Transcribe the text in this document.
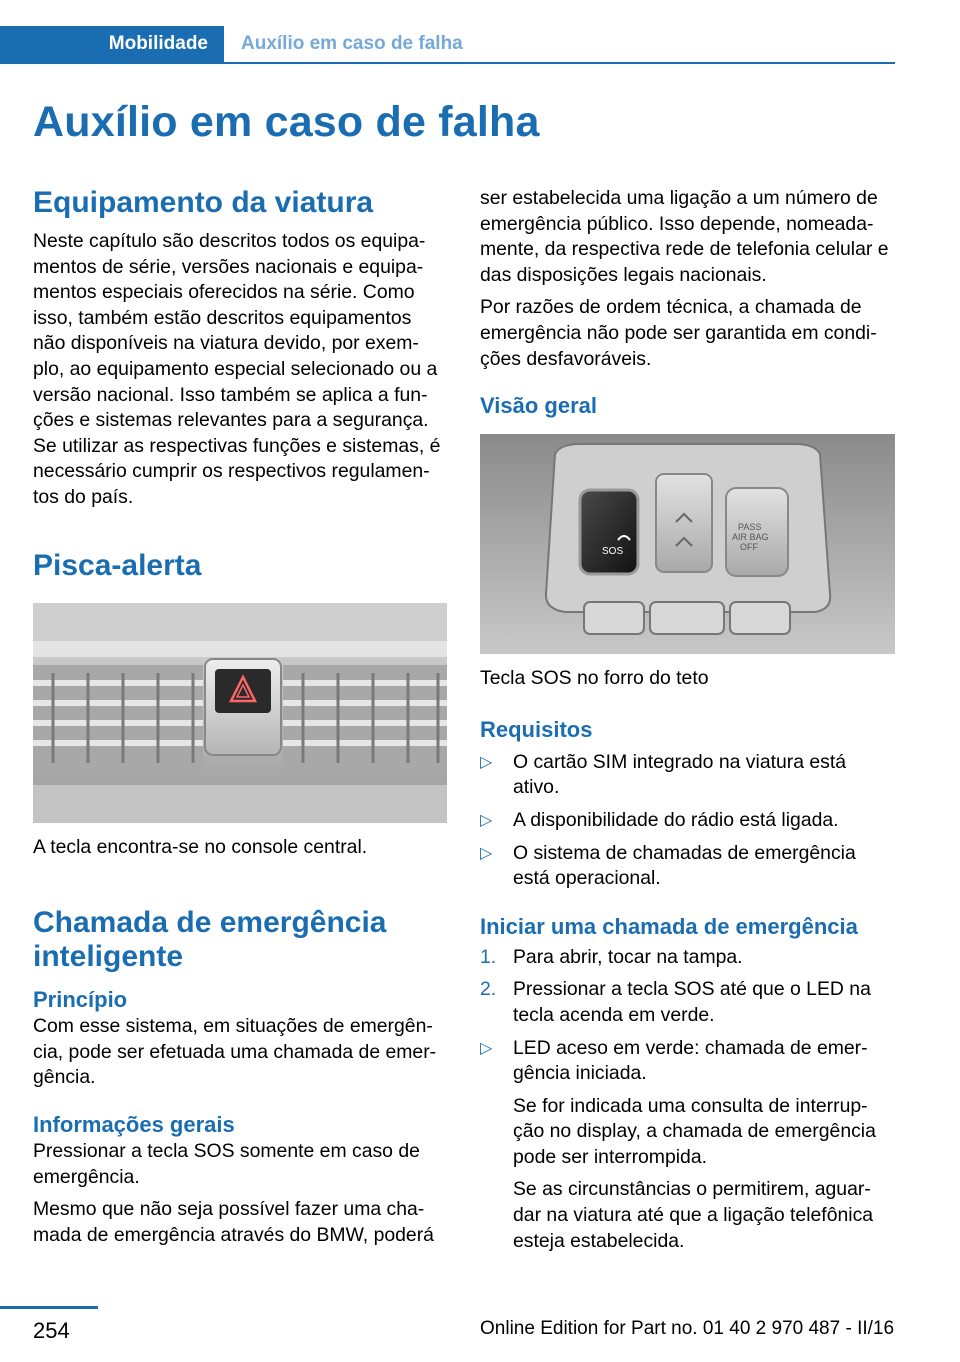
Mobilidade	Auxílio em caso de falha
Auxílio em caso de falha
Equipamento da viatura

Neste capítulo são descritos todos os equipa-mentos de série, versões nacionais e equipa-mentos especiais oferecidos na série. Como isso, também estão descritos equipamentos não disponíveis na viatura devido, por exem-plo, ao equipamento especial selecionado ou a versão nacional. Isso também se aplica a fun-ções e sistemas relevantes para a segurança. Se utilizar as respectivas funções e sistemas, é necessário cumprir os respectivos regulamen-tos do país.

Pisca-alerta

A tecla encontra-se no console central.

Chamada de emergência inteligente
Princípio

Com esse sistema, em situações de emergên-cia, pode ser efetuada uma chamada de emer-gência.

Informações gerais

Pressionar a tecla SOS somente em caso de emergência.

Mesmo que não seja possível fazer uma cha-mada de emergência através do BMW, poderá

ser estabelecida uma ligação a um número de emergência público. Isso depende, nomeada-mente, da respectiva rede de telefonia celular e das disposições legais nacionais.

Por razões de ordem técnica, a chamada de emergência não pode ser garantida em condi-ções desfavoráveis.

Visão geral
SOS
PASS
AIR BAG
OFF

Tecla SOS no forro do teto

Requisitos
▷ O cartão SIM integrado na viatura está ativo.
▷ A disponibilidade do rádio está ligada.
▷ O sistema de chamadas de emergência está operacional.
Iniciar uma chamada de emergência
1. Para abrir, tocar na tampa.
2. Pressionar a tecla SOS até que o LED na tecla acenda em verde.
▷ LED aceso em verde: chamada de emer-gência iniciada.
Se for indicada uma consulta de interrup-ção no display, a chamada de emergência pode ser interrompida.
Se as circunstâncias o permitirem, aguar-dar na viatura até que a ligação telefônica esteja estabelecida.
254	Online Edition for Part no. 01 40 2 970 487 - II/16
